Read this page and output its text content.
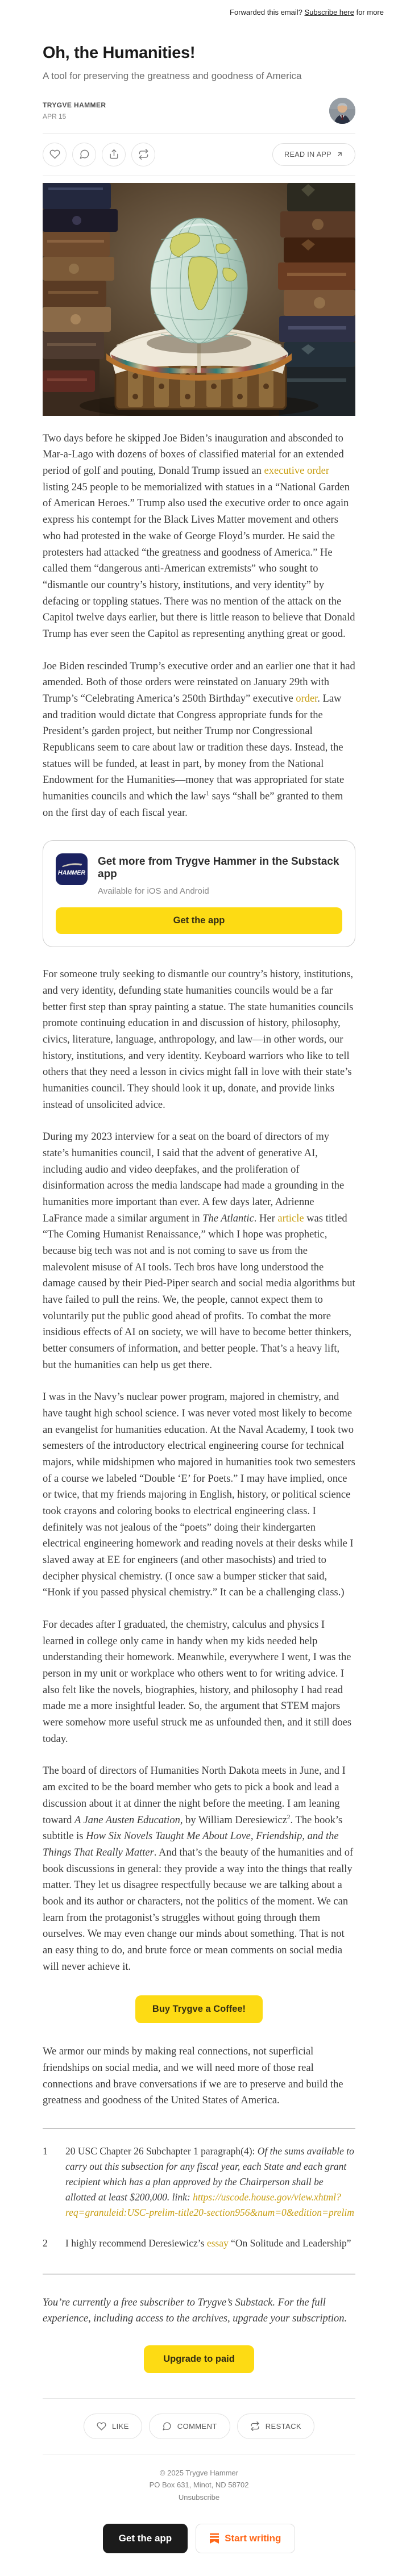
Forwarded this email? Subscribe here for more
Oh, the Humanities!
A tool for preserving the greatness and goodness of America
TRYGVE HAMMER
APR 15
READ IN APP

Two days before he skipped Joe Biden’s inauguration and absconded to Mar-a-Lago with dozens of boxes of classified material for an extended period of golf and pouting, Donald Trump issued an executive order listing 245 people to be memorialized with statues in a “National Garden of American Heroes.” Trump also used the executive order to once again express his contempt for the Black Lives Matter movement and others who had protested in the wake of George Floyd’s murder. He said the protesters had attacked “the greatness and goodness of America.” He called them “dangerous anti-American extremists” who sought to “dismantle our country’s history, institutions, and very identity” by defacing or toppling statues. There was no mention of the attack on the Capitol twelve days earlier, but there is little reason to believe that Donald Trump has ever seen the Capitol as representing anything great or good.

Joe Biden rescinded Trump’s executive order and an earlier one that it had amended. Both of those orders were reinstated on January 29th with Trump’s “Celebrating America’s 250th Birthday” executive order. Law and tradition would dictate that Congress appropriate funds for the President’s garden project, but neither Trump nor Congressional Republicans seem to care about law or tradition these days. Instead, the statues will be funded, at least in part, by money from the National Endowment for the Humanities—money that was appropriated for state humanities councils and which the law$^1$ says “shall be” granted to them on the first day of each fiscal year.

HAMMER
Get more from Trygve Hammer in the Substack app
Available for iOS and Android
Get the app

For someone truly seeking to dismantle our country’s history, institutions, and very identity, defunding state humanities councils would be a far better first step than spray painting a statue. The state humanities councils promote continuing education in and discussion of history, philosophy, civics, literature, language, anthropology, and law—in other words, our history, institutions, and very identity. Keyboard warriors who like to tell others that they need a lesson in civics might fall in love with their state’s humanities council. They should look it up, donate, and provide links instead of unsolicited advice.

During my 2023 interview for a seat on the board of directors of my state’s humanities council, I said that the advent of generative AI, including audio and video deepfakes, and the proliferation of disinformation across the media landscape had made a grounding in the humanities more important than ever. A few days later, Adrienne LaFrance made a similar argument in The Atlantic. Her article was titled “The Coming Humanist Renaissance,” which I hope was prophetic, because big tech was not and is not coming to save us from the malevolent misuse of AI tools. Tech bros have long understood the damage caused by their Pied-Piper search and social media algorithms but have failed to pull the reins. We, the people, cannot expect them to voluntarily put the public good ahead of profits. To combat the more insidious effects of AI on society, we will have to become better thinkers, better consumers of information, and better people. That’s a heavy lift, but the humanities can help us get there.

I was in the Navy’s nuclear power program, majored in chemistry, and have taught high school science. I was never voted most likely to become an evangelist for humanities education. At the Naval Academy, I took two semesters of the introductory electrical engineering course for technical majors, while midshipmen who majored in humanities took two semesters of a course we labeled “Double ‘E’ for Poets.” I may have implied, once or twice, that my friends majoring in English, history, or political science took crayons and coloring books to electrical engineering class. I definitely was not jealous of the “poets” doing their kindergarten electrical engineering homework and reading novels at their desks while I slaved away at EE for engineers (and other masochists) and tried to decipher physical chemistry. (I once saw a bumper sticker that said, “Honk if you passed physical chemistry.” It can be a challenging class.)

For decades after I graduated, the chemistry, calculus and physics I learned in college only came in handy when my kids needed help understanding their homework. Meanwhile, everywhere I went, I was the person in my unit or workplace who others went to for writing advice. I also felt like the novels, biographies, history, and philosophy I had read made me a more insightful leader. So, the argument that STEM majors were somehow more useful struck me as unfounded then, and it still does today.

The board of directors of Humanities North Dakota meets in June, and I am excited to be the board member who gets to pick a book and lead a discussion about it at dinner the night before the meeting. I am leaning toward A Jane Austen Education, by William Deresiewicz$^2$. The book’s subtitle is How Six Novels Taught Me About Love, Friendship, and the Things That Really Matter. And that’s the beauty of the humanities and of book discussions in general: they provide a way into the things that really matter. They let us disagree respectfully because we are talking about a book and its author or characters, not the politics of the moment. We can learn from the protagonist’s struggles without going through them ourselves. We may even change our minds about something. That is not an easy thing to do, and brute force or mean comments on social media will never achieve it.

Buy Trygve a Coffee!

We armor our minds by making real connections, not superficial friendships on social media, and we will need more of those real connections and brave conversations if we are to preserve and build the greatness and goodness of the United States of America.

1	20 USC Chapter 26 Subchapter 1 paragraph(4): Of the sums available to carry out this subsection for any fiscal year, each State and each grant recipient which has a plan approved by the Chairperson shall be allotted at least $200,000. link: https://uscode.house.gov/view.xhtml?req=granuleid:USC-prelim-title20-section956&num=0&edition=prelim
2	I highly recommend Deresiewicz’s essay “On Solitude and Leadership”

You’re currently a free subscriber to Trygve’s Substack. For the full experience, including access to the archives, upgrade your subscription.

Upgrade to paid
LIKE	COMMENT	RESTACK
© 2025 Trygve Hammer
PO Box 631, Minot, ND 58702
Unsubscribe
Get the app	Start writing
